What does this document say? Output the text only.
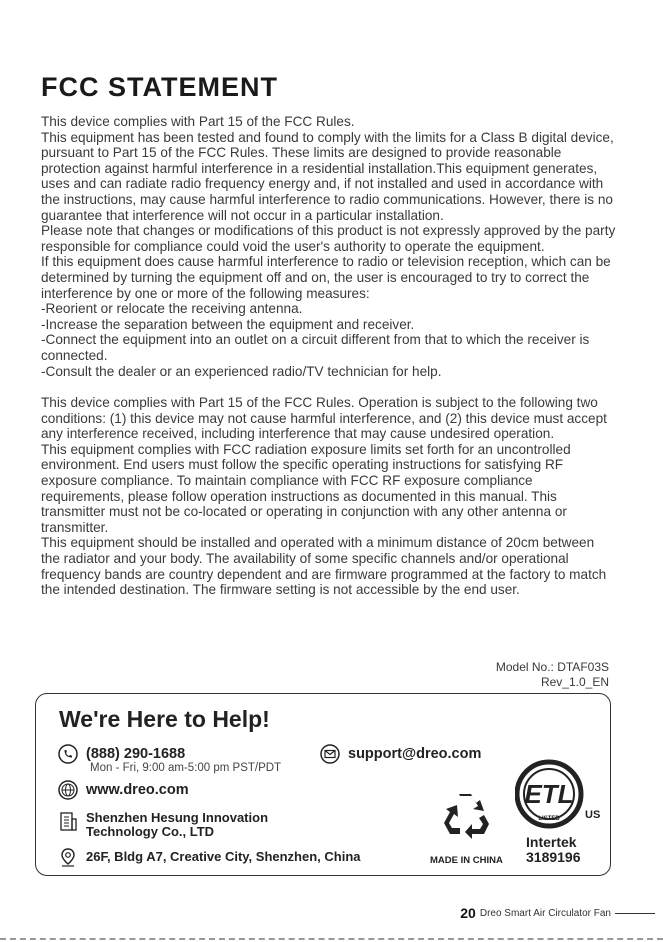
FCC STATEMENT

This device complies with Part 15 of the FCC Rules.

This equipment has been tested and found to comply with the limits for a Class B digital device, pursuant to Part 15 of the FCC Rules. These limits are designed to provide reasonable protection against harmful interference in a residential installation.This equipment generates, uses and can radiate radio frequency energy and, if not installed and used in accordance with the instructions, may cause harmful interference to radio communications. However, there is no guarantee that interference will not occur in a particular installation.

Please note that changes or modifications of this product is not expressly approved by the party responsible for compliance could void the user's authority to operate the equipment.

If this equipment does cause harmful interference to radio or television reception, which can be determined by turning the equipment off and on, the user is encouraged to try to correct the interference by one or more of the following measures:

-Reorient or relocate the receiving antenna.

-Increase the separation between the equipment and receiver.

-Connect the equipment into an outlet on a circuit different from that to which the receiver is connected.

-Consult the dealer or an experienced radio/TV technician for help.

This device complies with Part 15 of the FCC Rules. Operation is subject to the following two conditions: (1) this device may not cause harmful interference, and (2) this device must accept any interference received, including interference that may cause undesired operation.

This equipment complies with FCC radiation exposure limits set forth for an uncontrolled environment. End users must follow the specific operating instructions for satisfying RF exposure compliance. To maintain compliance with FCC RF exposure compliance requirements, please follow operation instructions as documented in this manual. This transmitter must not be co-located or operating in conjunction with any other antenna or transmitter.

This equipment should be installed and operated with a minimum distance of 20cm between the radiator and your body. The availability of some specific channels and/or operational frequency bands are country dependent and are firmware programmed at the factory to match the intended destination. The firmware setting is not accessible by the end user.

Model No.: DTAF03S
Rev_1.0_EN
We're Here to Help!
(888) 290-1688
Mon - Fri, 9:00 am-5:00 pm PST/PDT
support@dreo.com
www.dreo.com
Shenzhen Hesung Innovation
Technology Co., LTD
26F, Bldg A7, Creative City, Shenzhen, China	MADE IN CHINA
ETL
LISTED US
Intertek
3189196
20 Dreo Smart Air Circulator Fan
